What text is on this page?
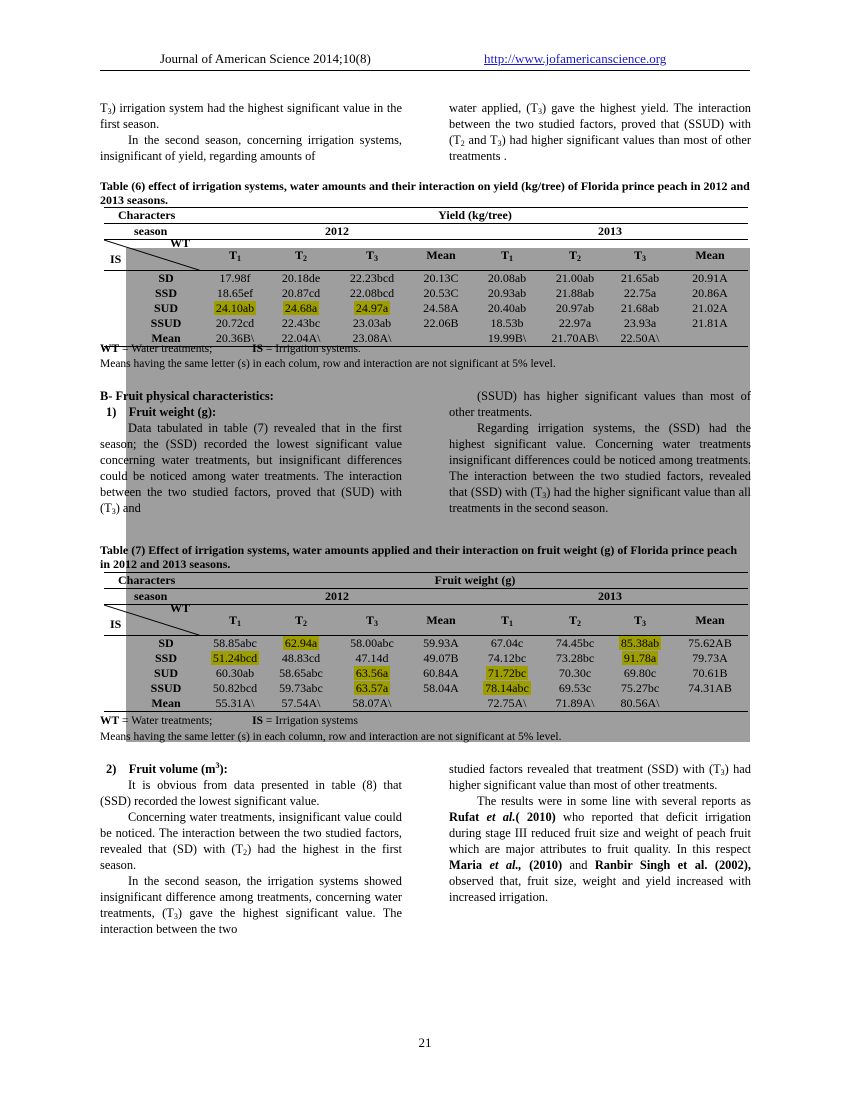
Journal of American Science 2014;10(8)	http://www.jofamericanscience.org

$T_3$) irrigation system had the highest significant value in the first season.

In the second season, concerning irrigation systems, insignificant of yield, regarding amounts of

water applied, $(T_3)$ gave the highest yield. The interaction between the two studied factors, proved that (SSUD) with ($T_2$ and $T_3$) had higher significant values than most of other treatments .

Table (6) effect of irrigation systems, water amounts and their interaction on yield (kg/tree) of Florida prince peach in 2012 and 2013 seasons.
Characters	Yield (kg/tree)							
season	2012				2013			

WT
IS	$T_1$	$T_2$	$T_3$	Mean	$T_1$	$T_2$	$T_3$	Mean
SD	17.98f	20.18de	22.23bcd	20.13C	20.08ab	21.00ab	21.65ab	20.91A
SSD	18.65ef	20.87cd	22.08bcd	20.53C	20.93ab	21.88ab	22.75a	20.86A
SUD	24.10ab	24.68a	24.97a	24.58A	20.40ab	20.97ab	21.68ab	21.02A
SSUD	20.72cd	22.43bc	23.03ab	22.06B	18.53b	22.97a	23.93a	21.81A
Mean	20.36B\	22.04A\	23.08A\		19.99B\	21.70AB\	22.50A\	
WT = Water treatments;	IS = Irrigation systems.
Means having the same letter (s) in each colum, row and interaction are not significant at 5% level.

B- Fruit physical characteristics:

1) Fruit weight (g):

Data tabulated in table (7) revealed that in the first season; the (SSD) recorded the lowest significant value concerning water treatments, but insignificant differences could be noticed among water treatments. The interaction between the two studied factors, proved that (SUD) with $(T_3)$ and

(SSUD) has higher significant values than most of other treatments.

Regarding irrigation systems, the (SSD) had the highest significant value. Concerning water treatments insignificant differences could be noticed among treatments. The interaction between the two studied factors, revealed that (SSD) with $(T_3)$ had the higher significant value than all treatments in the second season.

Table (7) Effect of irrigation systems, water amounts applied and their interaction on fruit weight (g) of Florida prince peach in 2012 and 2013 seasons.
Characters	Fruit weight (g)							
season	2012				2013			

WT
IS	$T_1$	$T_2$	$T_3$	Mean	$T_1$	$T_2$	$T_3$	Mean
SD	58.85abc	62.94a	58.00abc	59.93A	67.04c	74.45bc	85.38ab	75.62AB
SSD	51.24bcd	48.83cd	47.14d	49.07B	74.12bc	73.28bc	91.78a	79.73A
SUD	60.30ab	58.65abc	63.56a	60.84A	71.72bc	70.30c	69.80c	70.61B
SSUD	50.82bcd	59.73abc	63.57a	58.04A	78.14abc	69.53c	75.27bc	74.31AB
Mean	55.31A\	57.54A\	58.07A\		72.75A\	71.89A\	80.56A\	
WT = Water treatments;	IS = Irrigation systems
Means having the same letter (s) in each column, row and interaction are not significant at 5% level.

2) Fruit volume $(m^3)$:

It is obvious from data presented in table (8) that (SSD) recorded the lowest significant value.

Concerning water treatments, insignificant value could be noticed. The interaction between the two studied factors, revealed that (SD) with $(T_2)$ had the highest in the first season.

In the second season, the irrigation systems showed insignificant difference among treatments, concerning water treatments, $(T_3)$ gave the highest significant value. The interaction between the two

studied factors revealed that treatment (SSD) with $(T_3)$ had higher significant value than most of other treatments.

The results were in some line with several reports as Rufat et al.( 2010) who reported that deficit irrigation during stage III reduced fruit size and weight of peach fruit which are major attributes to fruit quality. In this respect Maria et al., (2010) and Ranbir Singh et al. (2002), observed that, fruit size, weight and yield increased with increased irrigation.

21
